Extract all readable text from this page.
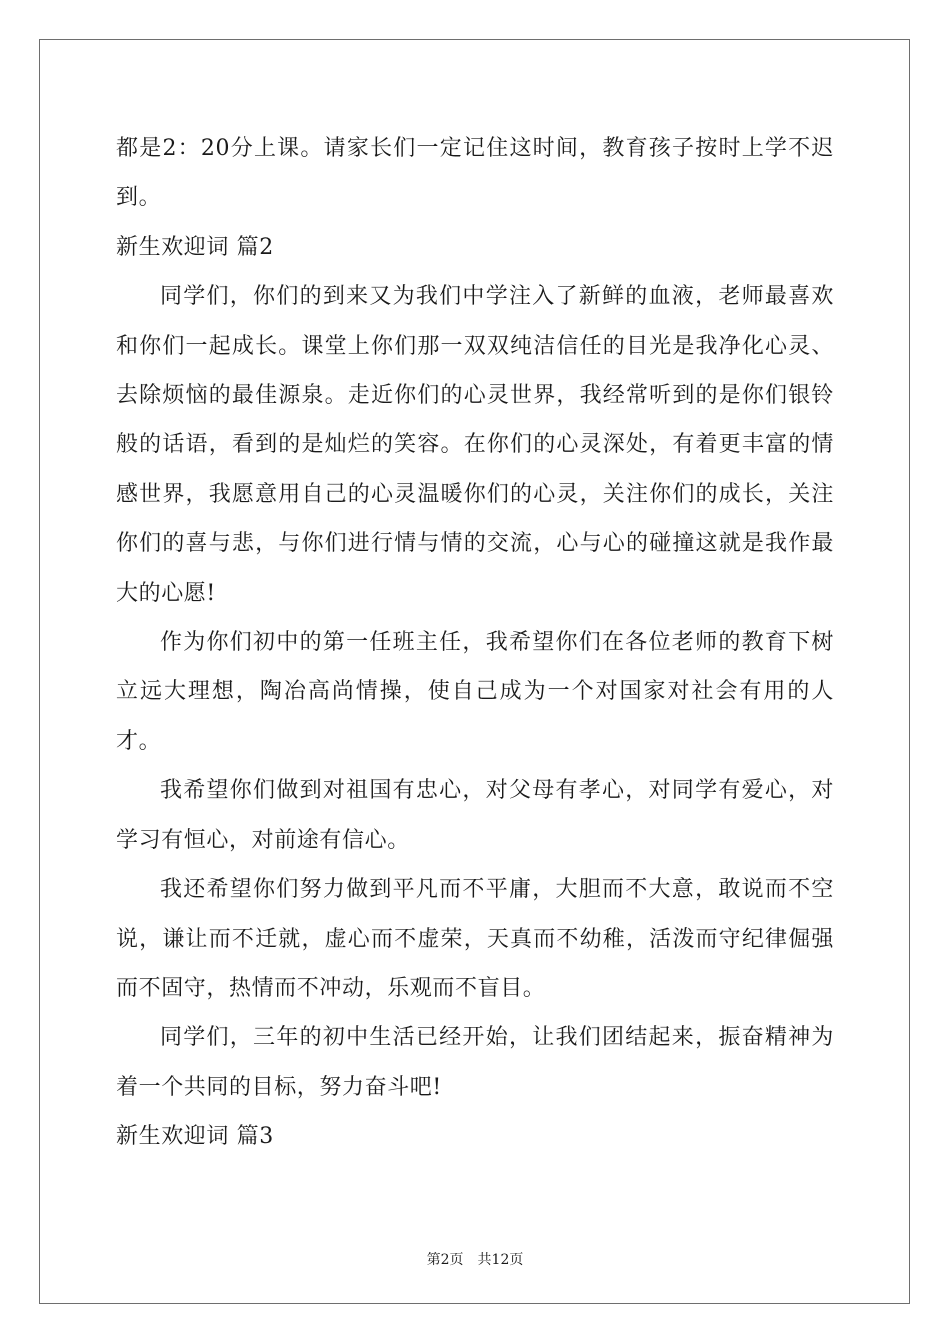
都是2：20分上课。请家长们一定记住这时间，教育孩子按时上学不迟到。

新生欢迎词 篇2

同学们，你们的到来又为我们中学注入了新鲜的血液，老师最喜欢和你们一起成长。课堂上你们那一双双纯洁信任的目光是我净化心灵、去除烦恼的最佳源泉。走近你们的心灵世界，我经常听到的是你们银铃般的话语，看到的是灿烂的笑容。在你们的心灵深处，有着更丰富的情感世界，我愿意用自己的心灵温暖你们的心灵，关注你们的成长，关注你们的喜与悲，与你们进行情与情的交流，心与心的碰撞这就是我作最大的心愿!

作为你们初中的第一任班主任，我希望你们在各位老师的教育下树立远大理想，陶冶高尚情操，使自己成为一个对国家对社会有用的人才。

我希望你们做到对祖国有忠心，对父母有孝心，对同学有爱心，对学习有恒心，对前途有信心。

我还希望你们努力做到平凡而不平庸，大胆而不大意，敢说而不空说，谦让而不迁就，虚心而不虚荣，天真而不幼稚，活泼而守纪律倔强而不固守，热情而不冲动，乐观而不盲目。

同学们，三年的初中生活已经开始，让我们团结起来，振奋精神为着一个共同的目标，努力奋斗吧!

新生欢迎词 篇3

第2页 共12页
